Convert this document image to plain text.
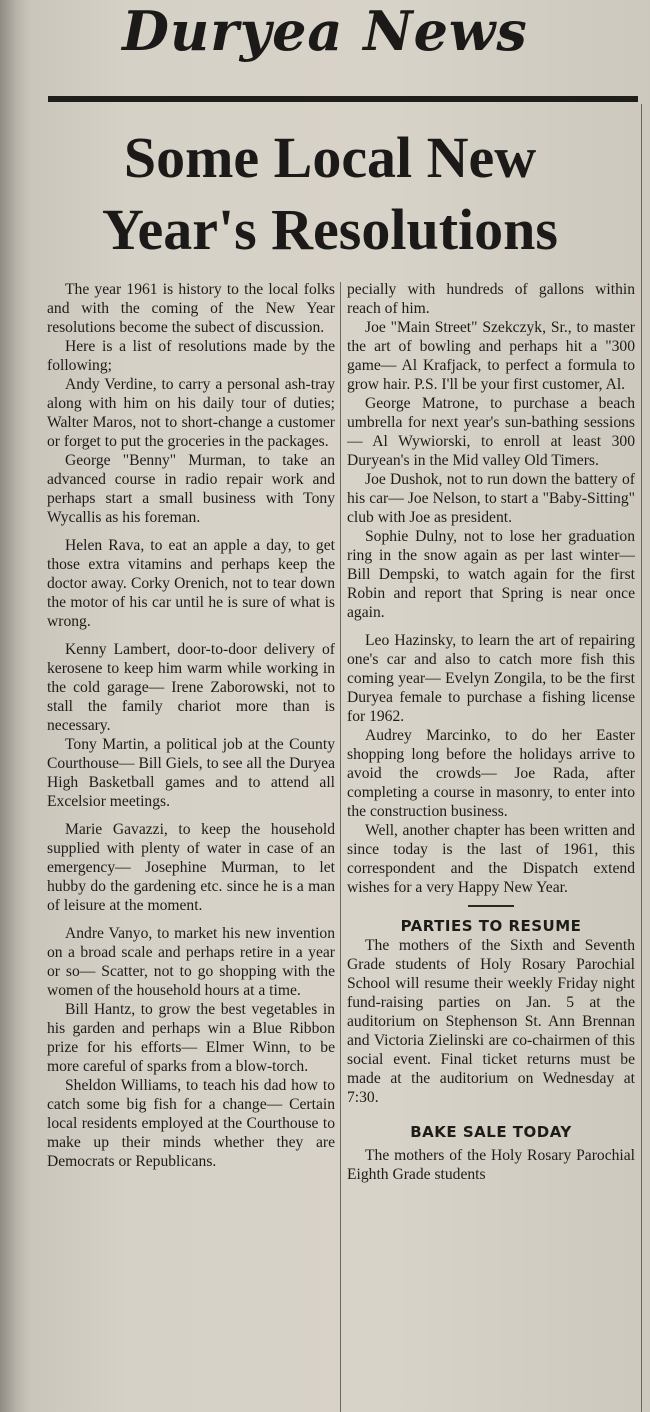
Duryea News
Some Local New Year's Resolutions

The year 1961 is history to the local folks and with the coming of the New Year resolutions become the subect of discussion.

Here is a list of resolutions made by the following;

Andy Verdine, to carry a personal ash-tray along with him on his daily tour of duties; Walter Maros, not to short-change a customer or forget to put the groceries in the packages.

George "Benny" Murman, to take an advanced course in radio repair work and perhaps start a small business with Tony Wycallis as his foreman.

Helen Rava, to eat an apple a day, to get those extra vitamins and perhaps keep the doctor away. Corky Orenich, not to tear down the motor of his car until he is sure of what is wrong.

Kenny Lambert, door-to-door delivery of kerosene to keep him warm while working in the cold garage— Irene Zaborowski, not to stall the family chariot more than is necessary.

Tony Martin, a political job at the County Courthouse— Bill Giels, to see all the Duryea High Basketball games and to attend all Excelsior meetings.

Marie Gavazzi, to keep the household supplied with plenty of water in case of an emergency— Josephine Murman, to let hubby do the gardening etc. since he is a man of leisure at the moment.

Andre Vanyo, to market his new invention on a broad scale and perhaps retire in a year or so— Scatter, not to go shopping with the women of the household hours at a time.

Bill Hantz, to grow the best vegetables in his garden and perhaps win a Blue Ribbon prize for his efforts— Elmer Winn, to be more careful of sparks from a blow-torch.

Sheldon Williams, to teach his dad how to catch some big fish for a change— Certain local residents employed at the Courthouse to make up their minds whether they are Democrats or Republicans.

pecially with hundreds of gallons within reach of him.

Joe "Main Street" Szekczyk, Sr., to master the art of bowling and perhaps hit a "300 game— Al Krafjack, to perfect a formula to grow hair. P.S. I'll be your first customer, Al.

George Matrone, to purchase a beach umbrella for next year's sun-bathing sessions— Al Wywiorski, to enroll at least 300 Duryean's in the Mid valley Old Timers.

Joe Dushok, not to run down the battery of his car— Joe Nelson, to start a "Baby-Sitting" club with Joe as president.

Sophie Dulny, not to lose her graduation ring in the snow again as per last winter— Bill Dempski, to watch again for the first Robin and report that Spring is near once again.

Leo Hazinsky, to learn the art of repairing one's car and also to catch more fish this coming year— Evelyn Zongila, to be the first Duryea female to purchase a fishing license for 1962.

Audrey Marcinko, to do her Easter shopping long before the holidays arrive to avoid the crowds— Joe Rada, after completing a course in masonry, to enter into the construction business.

Well, another chapter has been written and since today is the last of 1961, this correspondent and the Dispatch extend wishes for a very Happy New Year.

PARTIES TO RESUME

The mothers of the Sixth and Seventh Grade students of Holy Rosary Parochial School will resume their weekly Friday night fund-raising parties on Jan. 5 at the auditorium on Stephenson St. Ann Brennan and Victoria Zielinski are co-chairmen of this social event. Final ticket returns must be made at the auditorium on Wednesday at 7:30.

BAKE SALE TODAY

The mothers of the Holy Rosary Parochial Eighth Grade students
